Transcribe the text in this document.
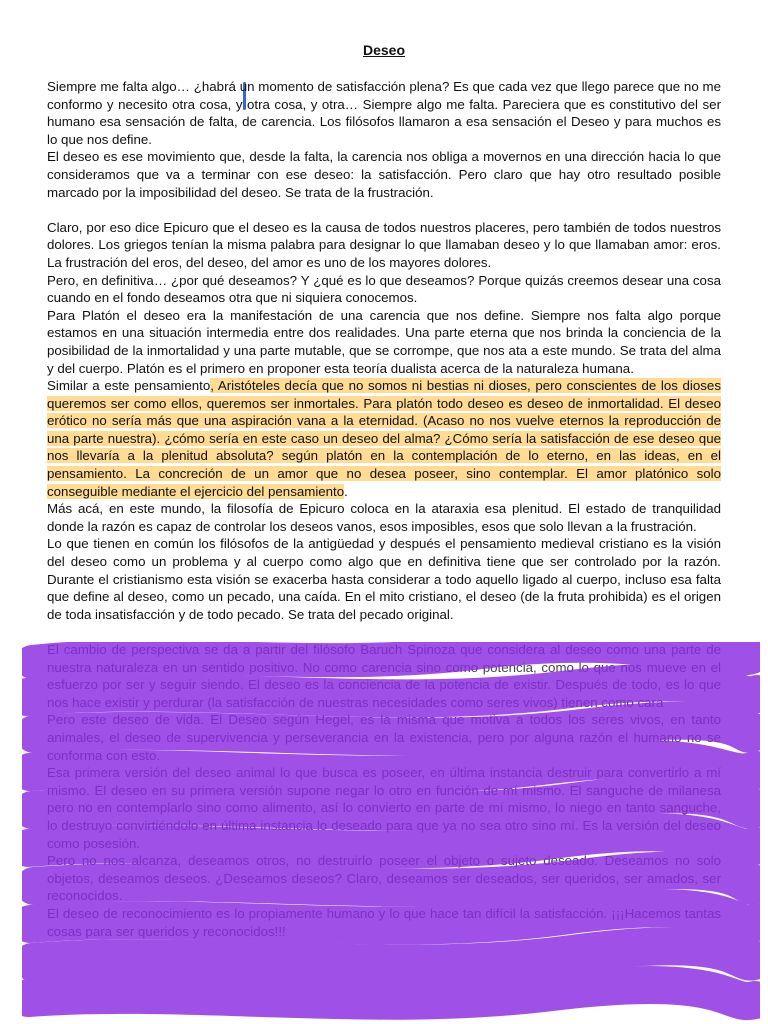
Deseo

Siempre me falta algo… ¿habrá un momento de satisfacción plena? Es que cada vez que llego parece que no me conformo y necesito otra cosa, y otra cosa, y otra… Siempre algo me falta. Pareciera que es constitutivo del ser humano esa sensación de falta, de carencia. Los filósofos llamaron a esa sensación el Deseo y para muchos es lo que nos define.

El deseo es ese movimiento que, desde la falta, la carencia nos obliga a movernos en una dirección hacia lo que consideramos que va a terminar con ese deseo: la satisfacción. Pero claro que hay otro resultado posible marcado por la imposibilidad del deseo. Se trata de la frustración.

Claro, por eso dice Epicuro que el deseo es la causa de todos nuestros placeres, pero también de todos nuestros dolores. Los griegos tenían la misma palabra para designar lo que llamaban deseo y lo que llamaban amor: eros. La frustración del eros, del deseo, del amor es uno de los mayores dolores.

Pero, en definitiva… ¿por qué deseamos? Y ¿qué es lo que deseamos? Porque quizás creemos desear una cosa cuando en el fondo deseamos otra que ni siquiera conocemos.

Para Platón el deseo era la manifestación de una carencia que nos define. Siempre nos falta algo porque estamos en una situación intermedia entre dos realidades. Una parte eterna que nos brinda la conciencia de la posibilidad de la inmortalidad y una parte mutable, que se corrompe, que nos ata a este mundo. Se trata del alma y del cuerpo. Platón es el primero en proponer esta teoría dualista acerca de la naturaleza humana.

Similar a este pensamiento, Aristóteles decía que no somos ni bestias ni dioses, pero conscientes de los dioses queremos ser como ellos, queremos ser inmortales. Para platón todo deseo es deseo de inmortalidad. El deseo erótico no sería más que una aspiración vana a la eternidad. (Acaso no nos vuelve eternos la reproducción de una parte nuestra). ¿cómo sería en este caso un deseo del alma? ¿Cómo sería la satisfacción de ese deseo que nos llevaría a la plenitud absoluta? según platón en la contemplación de lo eterno, en las ideas, en el pensamiento. La concreción de un amor que no desea poseer, sino contemplar. El amor platónico solo conseguible mediante el ejercicio del pensamiento.

Más acá, en este mundo, la filosofía de Epicuro coloca en la ataraxia esa plenitud. El estado de tranquilidad donde la razón es capaz de controlar los deseos vanos, esos imposibles, esos que solo llevan a la frustración.

Lo que tienen en común los filósofos de la antigüedad y después el pensamiento medieval cristiano es la visión del deseo como un problema y al cuerpo como algo que en definitiva tiene que ser controlado por la razón. Durante el cristianismo esta visión se exacerba hasta considerar a todo aquello ligado al cuerpo, incluso esa falta que define al deseo, como un pecado, una caída. En el mito cristiano, el deseo (de la fruta prohibida) es el origen de toda insatisfacción y de todo pecado. Se trata del pecado original.

El cambio de perspectiva se da a partir del filósofo Baruch Spinoza que considera al deseo como una parte de nuestra naturaleza en un sentido positivo. No como carencia sino como potencia, como lo que nos mueve en el esfuerzo por ser y seguir siendo. El deseo es la conciencia de la potencia de existir. Después de todo, es lo que nos hace existir y perdurar (la satisfacción de nuestras necesidades como seres vivos) tienen como cara

Pero este deseo de vida. El Deseo según Hegel, es la misma que motiva a todos los seres vivos, en tanto animales, el deseo de supervivencia y perseverancia en la existencia, pero por alguna razón el humano no se conforma con esto.

Esa primera versión del deseo animal lo que busca es poseer, en última instancia destruir para convertirlo a mí mismo. El deseo en su primera versión supone negar lo otro en función de mí mismo. El sanguche de milanesa pero no en contemplarlo sino como alimento, así lo convierto en parte de mí mismo, lo niego en tanto sanguche, lo destruyo convirtiéndolo en última instancia lo deseado para que ya no sea otro sino mí. Es la versión del deseo como posesión.

Pero no nos alcanza, deseamos otros, no destruirlo poseer el objeto o sujeto deseado. Deseamos no solo objetos, deseamos deseos. ¿Deseamos deseos? Claro, deseamos ser deseados, ser queridos, ser amados, ser reconocidos.

El deseo de reconocimiento es lo propiamente humano y lo que hace tan difícil la satisfacción. ¡¡¡Hacemos tantas cosas para ser queridos y reconocidos!!!
